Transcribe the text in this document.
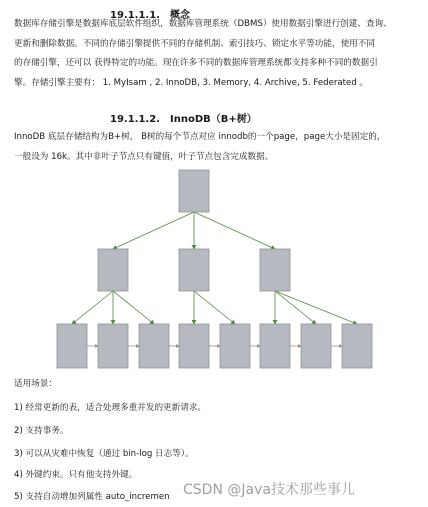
19.1.1.1. 概念
数据库存储引擎是数据库底层软件组织，数据库管理系统（DBMS）使用数据引擎进行创建、查询、
更新和删除数据。不同的存储引擎提供不同的存储机制、索引技巧、锁定水平等功能，使用不同
的存储引擎，还可以 获得特定的功能。现在许多不同的数据库管理系统都支持多种不同的数据引
擎。存储引擎主要有： 1. MyIsam , 2. InnoDB, 3. Memory, 4. Archive, 5. Federated 。
19.1.1.2. InnoDB（B+树）
InnoDB 底层存储结构为B+树， B树的每个节点对应 innodb的一个page，page大小是固定的，
一般设为 16k。其中非叶子节点只有键值，叶子节点包含完成数据。
适用场景：
1) 经常更新的表，适合处理多重并发的更新请求。
2) 支持事务。
3) 可以从灾难中恢复（通过 bin-log 日志等）。
4) 外键约束。只有他支持外键。
5) 支持自动增加列属性 auto_incremen CSDN @Java技术那些事儿
